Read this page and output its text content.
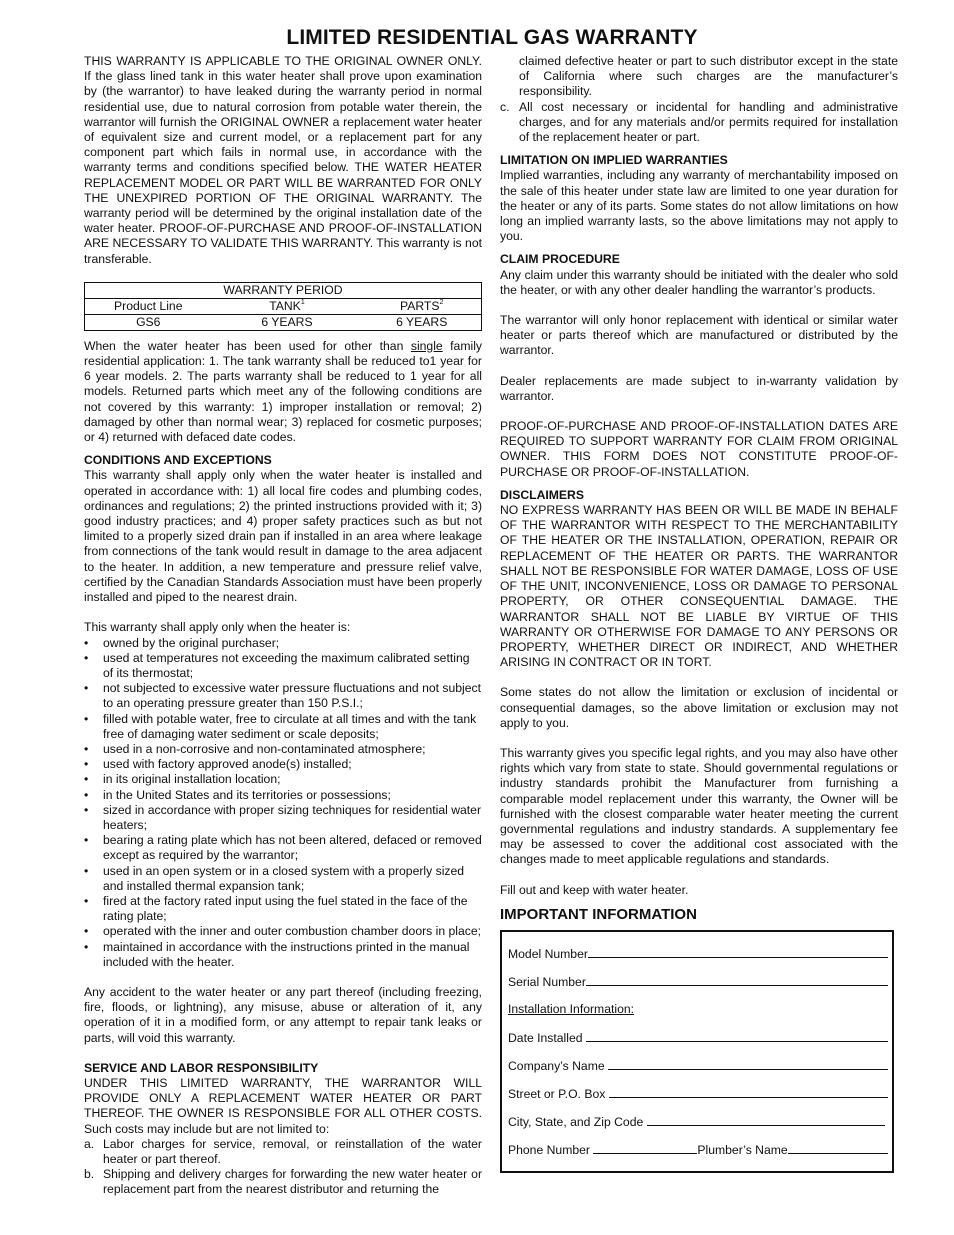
LIMITED RESIDENTIAL GAS WARRANTY

THIS WARRANTY IS APPLICABLE TO THE ORIGINAL OWNER ONLY. If the glass lined tank in this water heater shall prove upon examination by (the warrantor) to have leaked during the warranty period in normal residential use, due to natural corrosion from potable water therein, the warrantor will furnish the ORIGINAL OWNER a replacement water heater of equivalent size and current model, or a replacement part for any component part which fails in normal use, in accordance with the warranty terms and conditions specified below. THE WATER HEATER REPLACEMENT MODEL OR PART WILL BE WARRANTED FOR ONLY THE UNEXPIRED PORTION OF THE ORIGINAL WARRANTY. The warranty period will be determined by the original installation date of the water heater. PROOF-OF-PURCHASE AND PROOF-OF-INSTALLATION ARE NECESSARY TO VALIDATE THIS WARRANTY. This warranty is not transferable.

WARRANTY PERIOD		
Product Line	TANK$^1$	PARTS$^2$
GS6	6 YEARS	6 YEARS

When the water heater has been used for other than single family residential application: 1. The tank warranty shall be reduced to1 year for 6 year models. 2. The parts warranty shall be reduced to 1 year for all models. Returned parts which meet any of the following conditions are not covered by this warranty: 1) improper installation or removal; 2) damaged by other than normal wear; 3) replaced for cosmetic purposes; or 4) returned with defaced date codes.

CONDITIONS AND EXCEPTIONS

This warranty shall apply only when the water heater is installed and operated in accordance with: 1) all local fire codes and plumbing codes, ordinances and regulations; 2) the printed instructions provided with it; 3) good industry practices; and 4) proper safety practices such as but not limited to a properly sized drain pan if installed in an area where leakage from connections of the tank would result in damage to the area adjacent to the heater. In addition, a new temperature and pressure relief valve, certified by the Canadian Standards Association must have been properly installed and piped to the nearest drain.

This warranty shall apply only when the heater is:

• owned by the original purchaser;
• used at temperatures not exceeding the maximum calibrated setting of its thermostat;
• not subjected to excessive water pressure fluctuations and not subject to an operating pressure greater than 150 P.S.I.;
• filled with potable water, free to circulate at all times and with the tank free of damaging water sediment or scale deposits;
• used in a non-corrosive and non-contaminated atmosphere;
• used with factory approved anode(s) installed;
• in its original installation location;
• in the United States and its territories or possessions;
• sized in accordance with proper sizing techniques for residential water heaters;
• bearing a rating plate which has not been altered, defaced or removed except as required by the warrantor;
• used in an open system or in a closed system with a properly sized and installed thermal expansion tank;
• fired at the factory rated input using the fuel stated in the face of the rating plate;
• operated with the inner and outer combustion chamber doors in place;
• maintained in accordance with the instructions printed in the manual included with the heater.

Any accident to the water heater or any part thereof (including freezing, fire, floods, or lightning), any misuse, abuse or alteration of it, any operation of it in a modified form, or any attempt to repair tank leaks or parts, will void this warranty.

SERVICE AND LABOR RESPONSIBILITY

UNDER THIS LIMITED WARRANTY, THE WARRANTOR WILL PROVIDE ONLY A REPLACEMENT WATER HEATER OR PART THEREOF. THE OWNER IS RESPONSIBLE FOR ALL OTHER COSTS. Such costs may include but are not limited to:

a. Labor charges for service, removal, or reinstallation of the water heater or part thereof.
b. Shipping and delivery charges for forwarding the new water heater or replacement part from the nearest distributor and returning the

claimed defective heater or part to such distributor except in the state of California where such charges are the manufacturer’s responsibility.

c. All cost necessary or incidental for handling and administrative charges, and for any materials and/or permits required for installation of the replacement heater or part.
LIMITATION ON IMPLIED WARRANTIES

Implied warranties, including any warranty of merchantability imposed on the sale of this heater under state law are limited to one year duration for the heater or any of its parts. Some states do not allow limitations on how long an implied warranty lasts, so the above limitations may not apply to you.

CLAIM PROCEDURE

Any claim under this warranty should be initiated with the dealer who sold the heater, or with any other dealer handling the warrantor’s products.

The warrantor will only honor replacement with identical or similar water heater or parts thereof which are manufactured or distributed by the warrantor.

Dealer replacements are made subject to in-warranty validation by warrantor.

PROOF-OF-PURCHASE AND PROOF-OF-INSTALLATION DATES ARE REQUIRED TO SUPPORT WARRANTY FOR CLAIM FROM ORIGINAL OWNER. THIS FORM DOES NOT CONSTITUTE PROOF-OF-PURCHASE OR PROOF-OF-INSTALLATION.

DISCLAIMERS

NO EXPRESS WARRANTY HAS BEEN OR WILL BE MADE IN BEHALF OF THE WARRANTOR WITH RESPECT TO THE MERCHANTABILITY OF THE HEATER OR THE INSTALLATION, OPERATION, REPAIR OR REPLACEMENT OF THE HEATER OR PARTS. THE WARRANTOR SHALL NOT BE RESPONSIBLE FOR WATER DAMAGE, LOSS OF USE OF THE UNIT, INCONVENIENCE, LOSS OR DAMAGE TO PERSONAL PROPERTY, OR OTHER CONSEQUENTIAL DAMAGE. THE WARRANTOR SHALL NOT BE LIABLE BY VIRTUE OF THIS WARRANTY OR OTHERWISE FOR DAMAGE TO ANY PERSONS OR PROPERTY, WHETHER DIRECT OR INDIRECT, AND WHETHER ARISING IN CONTRACT OR IN TORT.

Some states do not allow the limitation or exclusion of incidental or consequential damages, so the above limitation or exclusion may not apply to you.

This warranty gives you specific legal rights, and you may also have other rights which vary from state to state. Should governmental regulations or industry standards prohibit the Manufacturer from furnishing a comparable model replacement under this warranty, the Owner will be furnished with the closest comparable water heater meeting the current governmental regulations and industry standards. A supplementary fee may be assessed to cover the additional cost associated with the changes made to meet applicable regulations and standards.

Fill out and keep with water heater.

IMPORTANT INFORMATION
Model Number
Serial Number
Installation Information:
Date Installed
Company’s Name
Street or P.O. Box
City, State, and Zip Code
Phone Number	Plumber’s Name
